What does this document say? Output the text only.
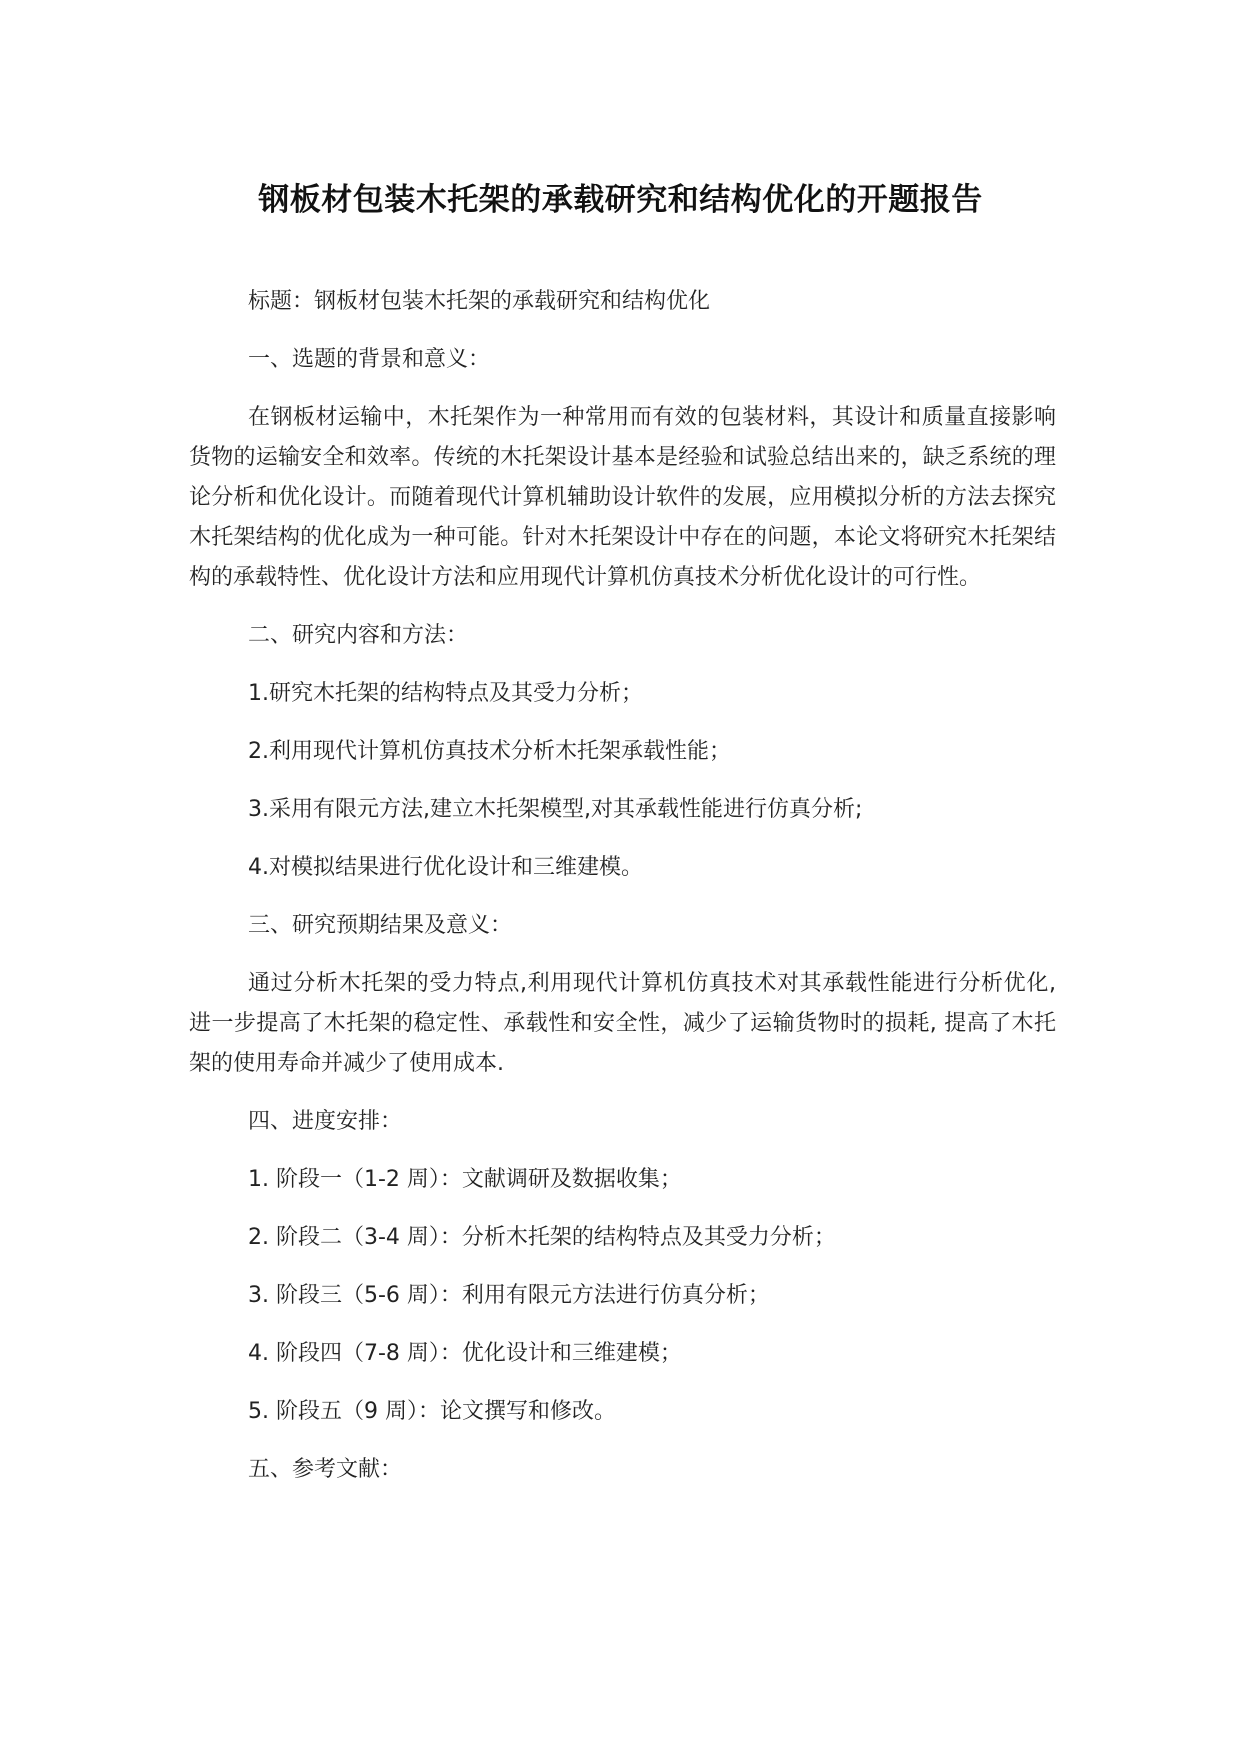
钢板材包装木托架的承载研究和结构优化的开题报告
标题：钢板材包装木托架的承载研究和结构优化
一、选题的背景和意义：

在钢板材运输中，木托架作为一种常用而有效的包装材料，其设计和质量直接影响货物的运输安全和效率。传统的木托架设计基本是经验和试验总结出来的，缺乏系统的理论分析和优化设计。而随着现代计算机辅助设计软件的发展，应用模拟分析的方法去探究木托架结构的优化成为一种可能。针对木托架设计中存在的问题，本论文将研究木托架结构的承载特性、优化设计方法和应用现代计算机仿真技术分析优化设计的可行性。

二、研究内容和方法：
1.研究木托架的结构特点及其受力分析；
2.利用现代计算机仿真技术分析木托架承载性能；
3.采用有限元方法,建立木托架模型,对其承载性能进行仿真分析;
4.对模拟结果进行优化设计和三维建模。
三、研究预期结果及意义：

通过分析木托架的受力特点,利用现代计算机仿真技术对其承载性能进行分析优化, 进一步提高了木托架的稳定性、承载性和安全性，减少了运输货物时的损耗, 提高了木托架的使用寿命并减少了使用成本.

四、进度安排：
1. 阶段一（1-2 周）：文献调研及数据收集；
2. 阶段二（3-4 周）：分析木托架的结构特点及其受力分析；
3. 阶段三（5-6 周）：利用有限元方法进行仿真分析；
4. 阶段四（7-8 周）：优化设计和三维建模；
5. 阶段五（9 周）：论文撰写和修改。
五、参考文献：
